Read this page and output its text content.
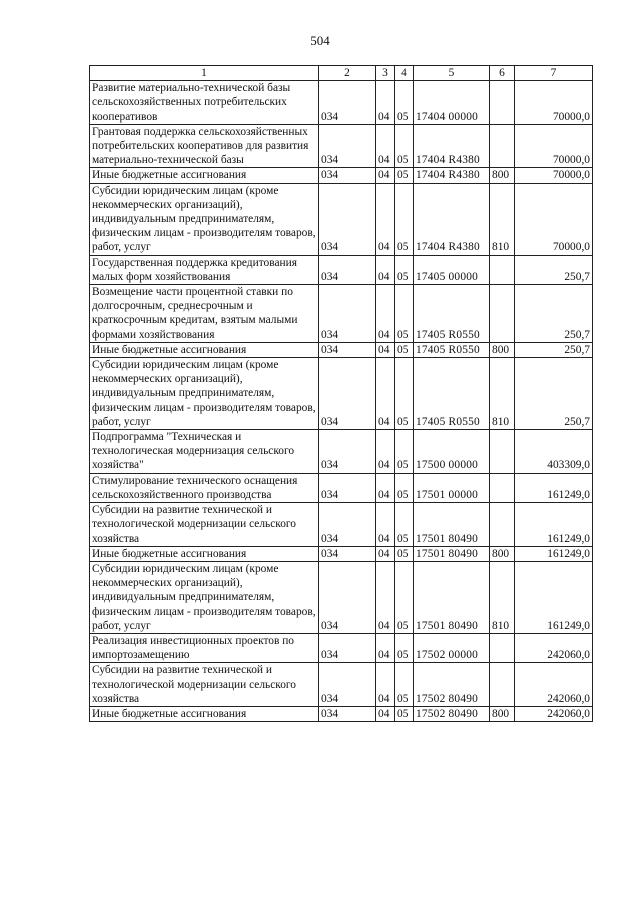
504
1	2	3	4	5	6	7
Развитие материально-технической базы сельскохозяйственных потребительских кооперативов	034	04	05	17404 00000		70000,0
Грантовая поддержка сельскохозяйственных потребительских кооперативов для развития материально-технической базы	034	04	05	17404 R4380		70000,0
Иные бюджетные ассигнования	034	04	05	17404 R4380	800	70000,0
Субсидии юридическим лицам (кроме некоммерческих организаций), индивидуальным предпринимателям, физическим лицам - производителям товаров, работ, услуг	034	04	05	17404 R4380	810	70000,0
Государственная поддержка кредитования малых форм хозяйствования	034	04	05	17405 00000		250,7
Возмещение части процентной ставки по долгосрочным, среднесрочным и краткосрочным кредитам, взятым малыми формами хозяйствования	034	04	05	17405 R0550		250,7
Иные бюджетные ассигнования	034	04	05	17405 R0550	800	250,7
Субсидии юридическим лицам (кроме некоммерческих организаций), индивидуальным предпринимателям, физическим лицам - производителям товаров, работ, услуг	034	04	05	17405 R0550	810	250,7
Подпрограмма "Техническая и технологическая модернизация сельского хозяйства"	034	04	05	17500 00000		403309,0
Стимулирование технического оснащения сельскохозяйственного производства	034	04	05	17501 00000		161249,0
Субсидии на развитие технической и технологической модернизации сельского хозяйства	034	04	05	17501 80490		161249,0
Иные бюджетные ассигнования	034	04	05	17501 80490	800	161249,0
Субсидии юридическим лицам (кроме некоммерческих организаций), индивидуальным предпринимателям, физическим лицам - производителям товаров, работ, услуг	034	04	05	17501 80490	810	161249,0
Реализация инвестиционных проектов по импортозамещению	034	04	05	17502 00000		242060,0
Субсидии на развитие технической и технологической модернизации сельского хозяйства	034	04	05	17502 80490		242060,0
Иные бюджетные ассигнования	034	04	05	17502 80490	800	242060,0
